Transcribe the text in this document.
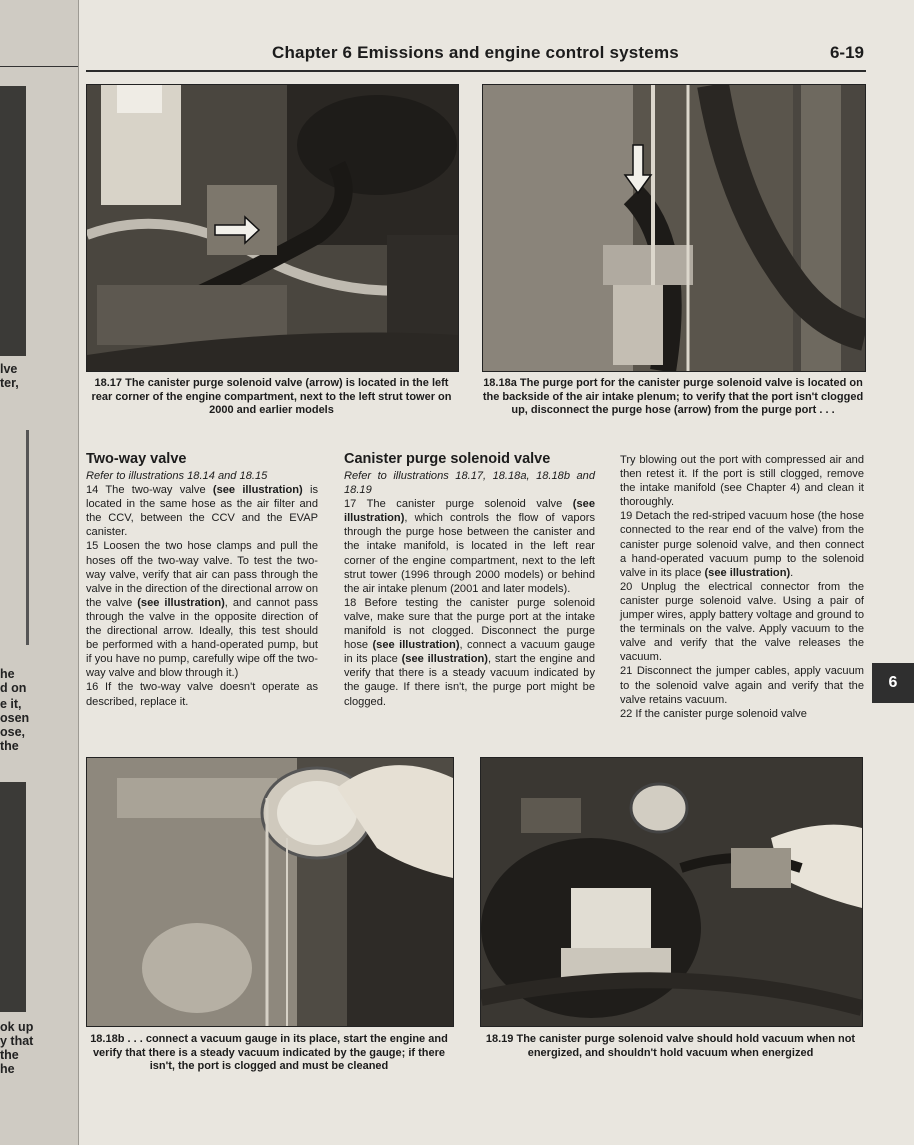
lve
ter,
he
d on
e it,
osen
ose,
the
ok up
y that
the
he
Chapter 6 Emissions and engine control systems	6-19
18.17 The canister purge solenoid valve (arrow) is located in the left rear corner of the engine compartment, next to the left strut tower on 2000 and earlier models
18.18a The purge port for the canister purge solenoid valve is located on the backside of the air intake plenum; to verify that the port isn't clogged up, disconnect the purge hose (arrow) from the purge port . . .
Two-way valve

Refer to illustrations 18.14 and 18.15

14 The two-way valve (see illustration) is located in the same hose as the air filter and the CCV, between the CCV and the EVAP canister.

15 Loosen the two hose clamps and pull the hoses off the two-way valve. To test the two-way valve, verify that air can pass through the valve in the direction of the directional arrow on the valve (see illustration), and cannot pass through the valve in the opposite direction of the directional arrow. Ideally, this test should be performed with a hand-operated pump, but if you have no pump, carefully wipe off the two-way valve and blow through it.)

16 If the two-way valve doesn't operate as described, replace it.

Canister purge solenoid valve

Refer to illustrations 18.17, 18.18a, 18.18b and 18.19

17 The canister purge solenoid valve (see illustration), which controls the flow of vapors through the purge hose between the canister and the intake manifold, is located in the left rear corner of the engine compartment, next to the left strut tower (1996 through 2000 models) or behind the air intake plenum (2001 and later models).

18 Before testing the canister purge solenoid valve, make sure that the purge port at the intake manifold is not clogged. Disconnect the purge hose (see illustration), connect a vacuum gauge in its place (see illustration), start the engine and verify that there is a steady vacuum indicated by the gauge. If there isn't, the purge port might be clogged.

Try blowing out the port with compressed air and then retest it. If the port is still clogged, remove the intake manifold (see Chapter 4) and clean it thoroughly.

19 Detach the red-striped vacuum hose (the hose connected to the rear end of the valve) from the canister purge solenoid valve, and then connect a hand-operated vacuum pump to the solenoid valve in its place (see illustration).

20 Unplug the electrical connector from the canister purge solenoid valve. Using a pair of jumper wires, apply battery voltage and ground to the terminals on the valve. Apply vacuum to the valve and verify that the valve releases the vacuum.

21 Disconnect the jumper cables, apply vacuum to the solenoid valve again and verify that the valve retains vacuum.

22 If the canister purge solenoid valve

6
18.18b . . . connect a vacuum gauge in its place, start the engine and verify that there is a steady vacuum indicated by the gauge; if there isn't, the port is clogged and must be cleaned
18.19 The canister purge solenoid valve should hold vacuum when not energized, and shouldn't hold vacuum when energized
